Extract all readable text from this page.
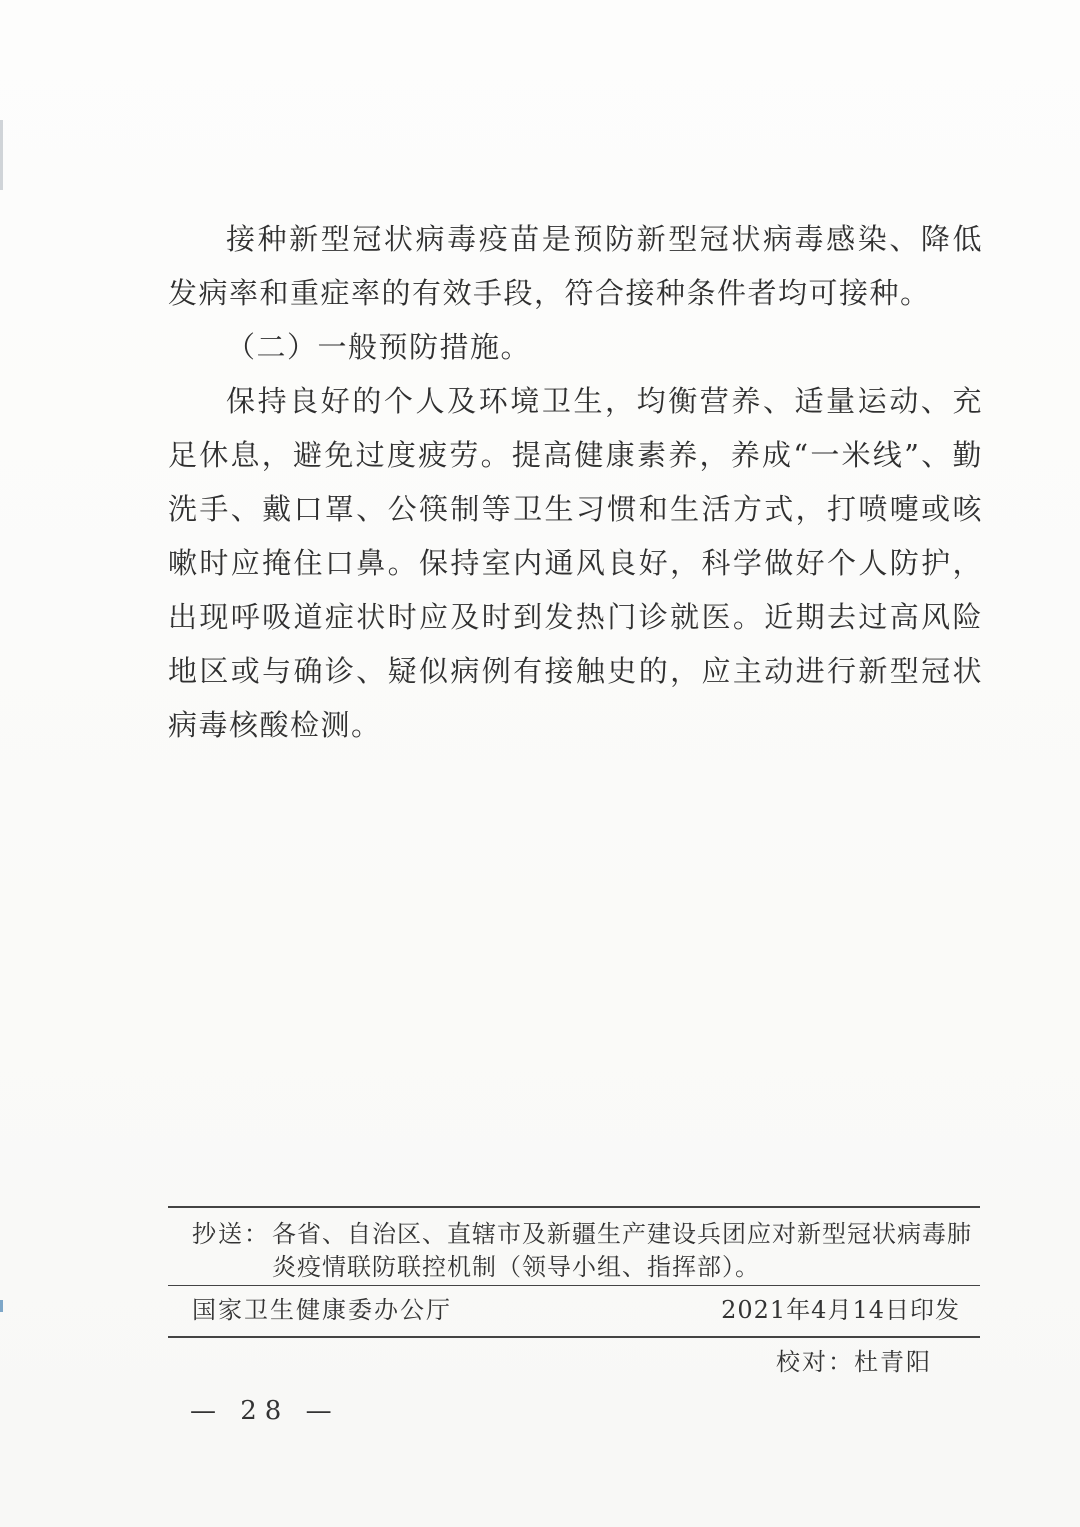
接种新型冠状病毒疫苗是预防新型冠状病毒感染、降低发病率和重症率的有效手段，符合接种条件者均可接种。

（二）一般预防措施。

保持良好的个人及环境卫生，均衡营养、适量运动、充足休息，避免过度疲劳。提高健康素养，养成“一米线”、勤洗手、戴口罩、公筷制等卫生习惯和生活方式，打喷嚏或咳嗽时应掩住口鼻。保持室内通风良好，科学做好个人防护，出现呼吸道症状时应及时到发热门诊就医。近期去过高风险地区或与确诊、疑似病例有接触史的，应主动进行新型冠状病毒核酸检测。

抄送： 各省、自治区、直辖市及新疆生产建设兵团应对新型冠状病毒肺炎疫情联防联控机制（领导小组、指挥部）。
国家卫生健康委办公厅	2021年4月14日印发
校对：杜青阳
— 28 —
